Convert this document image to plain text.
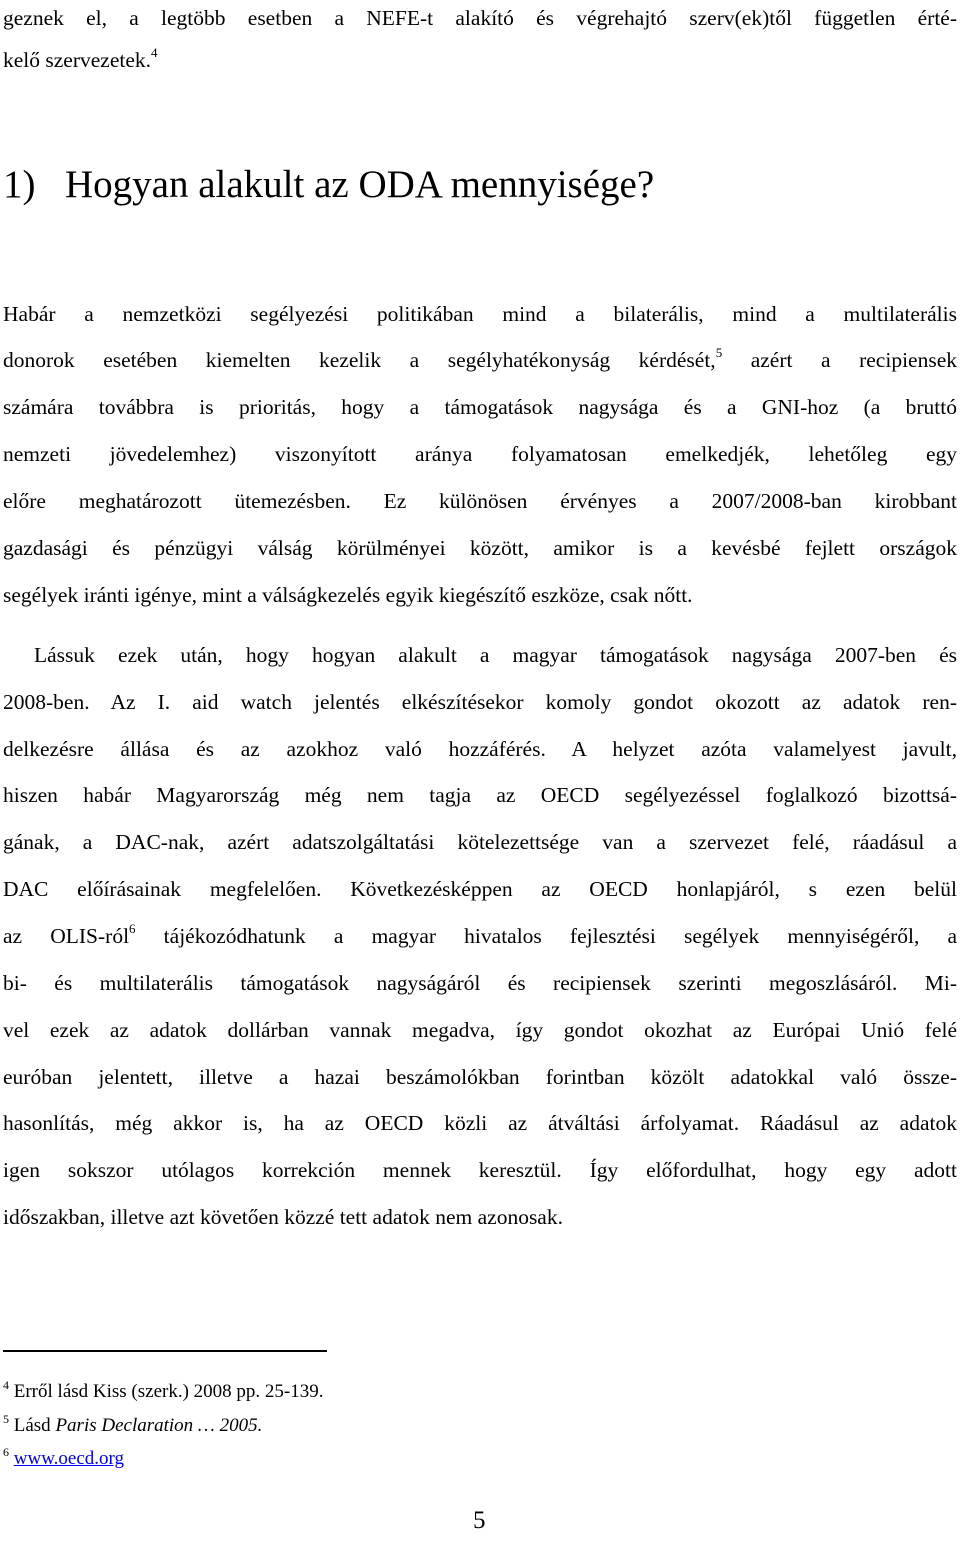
geznek el, a legtöbb esetben a NEFE-t alakító és végrehajtó szerv(ek)től független érté-
kelő szervezetek.$^4$
1) Hogyan alakult az ODA mennyisége?
Habár a nemzetközi segélyezési politikában mind a bilaterális, mind a multilaterális
donorok esetében kiemelten kezelik a segélyhatékonyság kérdését,$^5$ azért a recipiensek
számára továbbra is prioritás, hogy a támogatások nagysága és a GNI-hoz (a bruttó
nemzeti jövedelemhez) viszonyított aránya folyamatosan emelkedjék, lehetőleg egy
előre meghatározott ütemezésben. Ez különösen érvényes a 2007/2008-ban kirobbant
gazdasági és pénzügyi válság körülményei között, amikor is a kevésbé fejlett országok
segélyek iránti igénye, mint a válságkezelés egyik kiegészítő eszköze, csak nőtt.
Lássuk ezek után, hogy hogyan alakult a magyar támogatások nagysága 2007-ben és
2008-ben. Az I. aid watch jelentés elkészítésekor komoly gondot okozott az adatok ren-
delkezésre állása és az azokhoz való hozzáférés. A helyzet azóta valamelyest javult,
hiszen habár Magyarország még nem tagja az OECD segélyezéssel foglalkozó bizottsá-
gának, a DAC-nak, azért adatszolgáltatási kötelezettsége van a szervezet felé, ráadásul a
DAC előírásainak megfelelően. Következésképpen az OECD honlapjáról, s ezen belül
az OLIS-ról$^6$ tájékozódhatunk a magyar hivatalos fejlesztési segélyek mennyiségéről, a
bi- és multilaterális támogatások nagyságáról és recipiensek szerinti megoszlásáról. Mi-
vel ezek az adatok dollárban vannak megadva, így gondot okozhat az Európai Unió felé
euróban jelentett, illetve a hazai beszámolókban forintban közölt adatokkal való össze-
hasonlítás, még akkor is, ha az OECD közli az átváltási árfolyamat. Ráadásul az adatok
igen sokszor utólagos korrekción mennek keresztül. Így előfordulhat, hogy egy adott
időszakban, illetve azt követően közzé tett adatok nem azonosak.
$^4$ Erről lásd Kiss (szerk.) 2008 pp. 25-139.
$^5$ Lásd Paris Declaration … 2005.
$^6$ www.oecd.org
5
